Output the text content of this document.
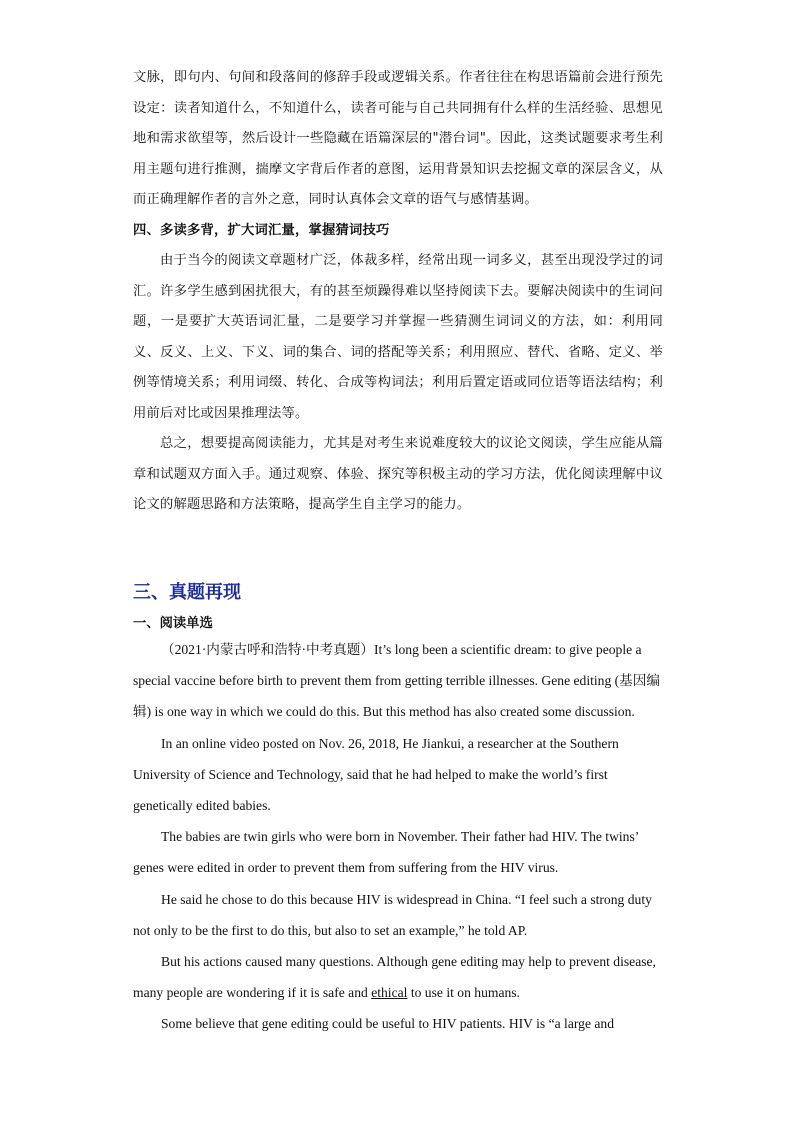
文脉，即句内、句间和段落间的修辞手段或逻辑关系。作者往往在构思语篇前会进行预先设定：读者知道什么，不知道什么，读者可能与自己共同拥有什么样的生活经验、思想见地和需求欲望等，然后设计一些隐藏在语篇深层的"潜台词"。因此，这类试题要求考生利用主题句进行推测，揣摩文字背后作者的意图，运用背景知识去挖掘文章的深层含义，从而正确理解作者的言外之意，同时认真体会文章的语气与感情基调。

四、多读多背，扩大词汇量，掌握猜词技巧

由于当今的阅读文章题材广泛，体裁多样，经常出现一词多义，甚至出现没学过的词汇。许多学生感到困扰很大，有的甚至烦躁得难以坚持阅读下去。要解决阅读中的生词问题，一是要扩大英语词汇量，二是要学习并掌握一些猜测生词词义的方法，如：利用同义、反义、上义、下义、词的集合、词的搭配等关系；利用照应、替代、省略、定义、举例等情境关系；利用词缀、转化、合成等构词法；利用后置定语或同位语等语法结构；利用前后对比或因果推理法等。

总之，想要提高阅读能力，尤其是对考生来说难度较大的议论文阅读，学生应能从篇章和试题双方面入手。通过观察、体验、探究等积极主动的学习方法，优化阅读理解中议论文的解题思路和方法策略，提高学生自主学习的能力。

三、真题再现
一、阅读单选

（2021·内蒙古呼和浩特·中考真题）It’s long been a scientific dream: to give people a special vaccine before birth to prevent them from getting terrible illnesses. Gene editing (基因编辑) is one way in which we could do this. But this method has also created some discussion.

In an online video posted on Nov. 26, 2018, He Jiankui, a researcher at the Southern University of Science and Technology, said that he had helped to make the world’s first genetically edited babies.

The babies are twin girls who were born in November. Their father had HIV. The twins’ genes were edited in order to prevent them from suffering from the HIV virus.

He said he chose to do this because HIV is widespread in China. “I feel such a strong duty not only to be the first to do this, but also to set an example,” he told AP.

But his actions caused many questions. Although gene editing may help to prevent disease, many people are wondering if it is safe and ethical to use it on humans.

Some believe that gene editing could be useful to HIV patients. HIV is “a large and
